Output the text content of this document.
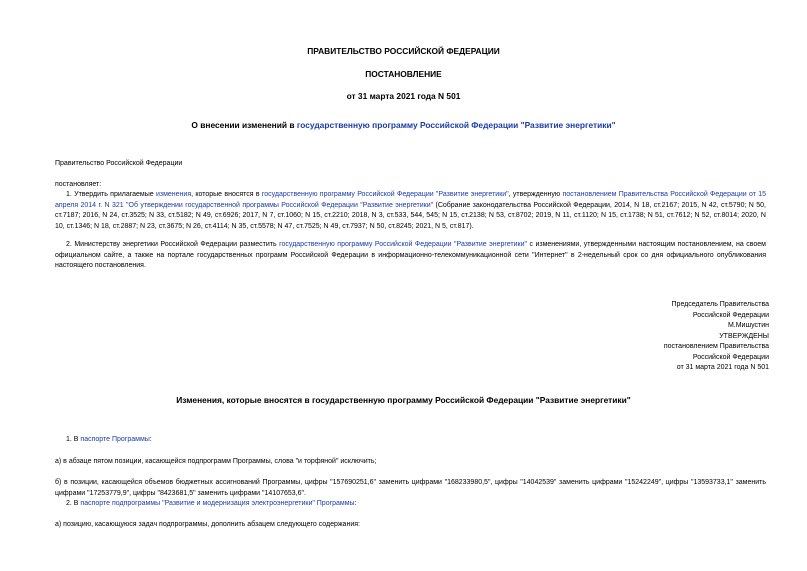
ПРАВИТЕЛЬСТВО РОССИЙСКОЙ ФЕДЕРАЦИИ
ПОСТАНОВЛЕНИЕ
от 31 марта 2021 года N 501
О внесении изменений в государственную программу Российской Федерации "Развитие энергетики"

Правительство Российской Федерации

постановляет:

1. Утвердить прилагаемые изменения, которые вносятся в государственную программу Российской Федерации "Развитие энергетики", утвержденную постановлением Правительства Российской Федерации от 15 апреля 2014 г. N 321 "Об утверждении государственной программы Российской Федерации "Развитие энергетики" (Собрание законодательства Российской Федерации, 2014, N 18, ст.2167; 2015, N 42, ст.5790; N 50, ст.7187; 2016, N 24, ст.3525; N 33, ст.5182; N 49, ст.6926; 2017, N 7, ст.1060; N 15, ст.2210; 2018, N 3, ст.533, 544, 545; N 15, ст.2138; N 53, ст.8702; 2019, N 11, ст.1120; N 15, ст.1738; N 51, ст.7612; N 52, ст.8014; 2020, N 10, ст.1346; N 18, ст.2887; N 23, ст.3675; N 26, ст.4114; N 35, ст.5578; N 47, ст.7525; N 49, ст.7937; N 50, ст.8245; 2021, N 5, ст.817).

2. Министерству энергетики Российской Федерации разместить государственную программу Российской Федерации "Развитие энергетики" с изменениями, утвержденными настоящим постановлением, на своем официальном сайте, а также на портале государственных программ Российской Федерации в информационно-телекоммуникационной сети "Интернет" в 2-недельный срок со дня официального опубликования настоящего постановления.

Председатель Правительства
Российской Федерации
М.Мишустин
УТВЕРЖДЕНЫ
постановлением Правительства
Российской Федерации
от 31 марта 2021 года N 501
Изменения, которые вносятся в государственную программу Российской Федерации "Развитие энергетики"

1. В паспорте Программы:

а) в абзаце пятом позиции, касающейся подпрограмм Программы, слова "и торфяной" исключить;

б) в позиции, касающейся объемов бюджетных ассигнований Программы, цифры "157690251,6" заменить цифрами "168233980,5", цифры "14042539" заменить цифрами "15242249", цифры "13593733,1" заменить цифрами "17253779,9", цифры "8423681,5" заменить цифрами "14107653,6".

2. В паспорте подпрограммы "Развитие и модернизация электроэнергетики" Программы:

а) позицию, касающуюся задач подпрограммы, дополнить абзацем следующего содержания:
